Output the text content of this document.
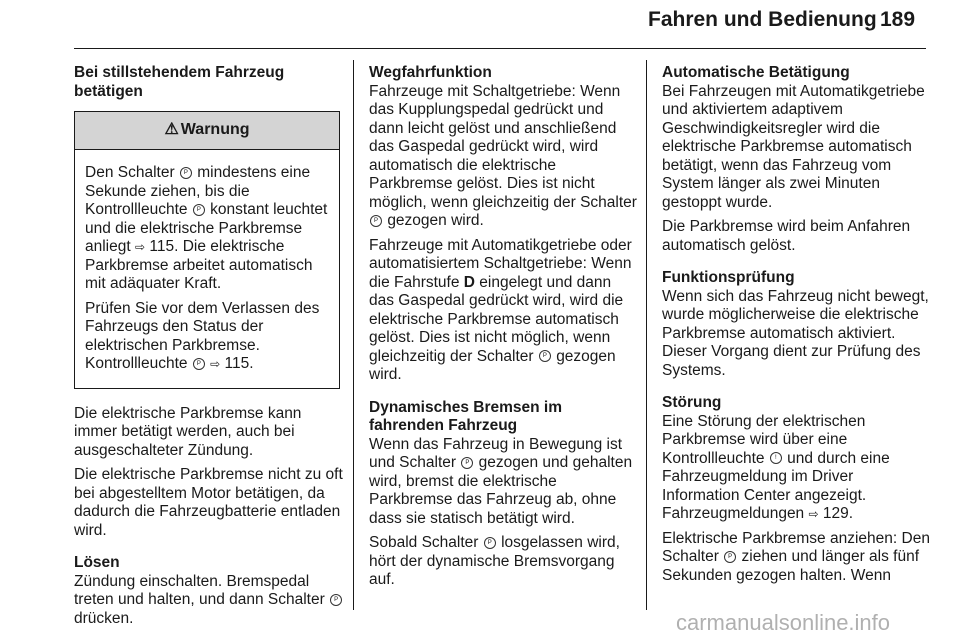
Fahren und Bedienung 189

Bei stillstehendem Fahrzeug betätigen

⚠ Warnung

Den Schalter P mindestens eine Sekunde ziehen, bis die Kontrollleuchte P konstant leuchtet und die elektrische Parkbremse anliegt ⇨ 115. Die elektrische Parkbremse arbeitet automatisch mit adäquater Kraft.

Prüfen Sie vor dem Verlassen des Fahrzeugs den Status der elektrischen Parkbremse. Kontrollleuchte P ⇨ 115.

Die elektrische Parkbremse kann immer betätigt werden, auch bei ausgeschalteter Zündung.

Die elektrische Parkbremse nicht zu oft bei abgestelltem Motor betätigen, da dadurch die Fahrzeugbatterie entladen wird.

Lösen

Zündung einschalten. Bremspedal treten und halten, und dann Schalter P drücken.

Wegfahrfunktion

Fahrzeuge mit Schaltgetriebe: Wenn das Kupplungspedal gedrückt und dann leicht gelöst und anschließend das Gaspedal gedrückt wird, wird automatisch die elektrische Parkbremse gelöst. Dies ist nicht möglich, wenn gleichzeitig der Schalter P gezogen wird.

Fahrzeuge mit Automatikgetriebe oder automatisiertem Schaltgetriebe: Wenn die Fahrstufe D eingelegt und dann das Gaspedal gedrückt wird, wird die elektrische Parkbremse automatisch gelöst. Dies ist nicht möglich, wenn gleichzeitig der Schalter P gezogen wird.

Dynamisches Bremsen im fahrenden Fahrzeug

Wenn das Fahrzeug in Bewegung ist und Schalter P gezogen und gehalten wird, bremst die elektrische Parkbremse das Fahrzeug ab, ohne dass sie statisch betätigt wird.

Sobald Schalter P losgelassen wird, hört der dynamische Bremsvorgang auf.

Automatische Betätigung

Bei Fahrzeugen mit Automatikgetriebe und aktiviertem adaptivem Geschwindigkeitsregler wird die elektrische Parkbremse automatisch betätigt, wenn das Fahrzeug vom System länger als zwei Minuten gestoppt wurde.

Die Parkbremse wird beim Anfahren automatisch gelöst.

Funktionsprüfung

Wenn sich das Fahrzeug nicht bewegt, wurde möglicherweise die elektrische Parkbremse automatisch aktiviert. Dieser Vorgang dient zur Prüfung des Systems.

Störung

Eine Störung der elektrischen Parkbremse wird über eine Kontrollleuchte ! und durch eine Fahrzeugmeldung im Driver Information Center angezeigt. Fahrzeugmeldungen ⇨ 129.

Elektrische Parkbremse anziehen: Den Schalter P ziehen und länger als fünf Sekunden gezogen halten. Wenn

carmanualsonline.info
